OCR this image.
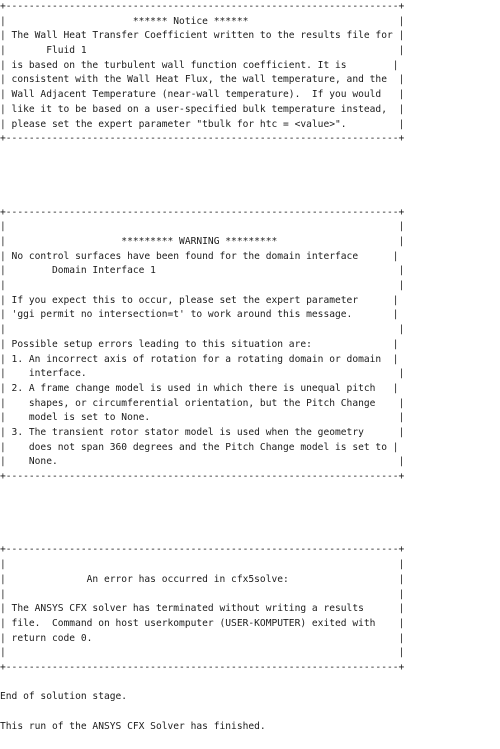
+--------------------------------------------------------------------+
|                      ****** Notice ******                          |
| The Wall Heat Transfer Coefficient written to the results file for |
|       Fluid 1                                                      |
| is based on the turbulent wall function coefficient. It is        |
| consistent with the Wall Heat Flux, the wall temperature, and the  |
| Wall Adjacent Temperature (near-wall temperature).  If you would   |
| like it to be based on a user-specified bulk temperature instead,  |
| please set the expert parameter "tbulk for htc = <value>".         |
+--------------------------------------------------------------------+
+--------------------------------------------------------------------+
|                                                                    |
|                    ********* WARNING *********                     |
| No control surfaces have been found for the domain interface      |
|        Domain Interface 1                                          |
|                                                                    |
| If you expect this to occur, please set the expert parameter      |
| 'ggi permit no intersection=t' to work around this message.       |
|                                                                    |
| Possible setup errors leading to this situation are:              |
| 1. An incorrect axis of rotation for a rotating domain or domain  |
|    interface.                                                      |
| 2. A frame change model is used in which there is unequal pitch   |
|    shapes, or circumferential orientation, but the Pitch Change    |
|    model is set to None.                                           |
| 3. The transient rotor stator model is used when the geometry      |
|    does not span 360 degrees and the Pitch Change model is set to |
|    None.                                                           |
+--------------------------------------------------------------------+
+--------------------------------------------------------------------+
|                                                                    |
|              An error has occurred in cfx5solve:                   |
|                                                                    |
| The ANSYS CFX solver has terminated without writing a results      |
| file.  Command on host userkomputer (USER-KOMPUTER) exited with    |
| return code 0.                                                     |
|                                                                    |
+--------------------------------------------------------------------+
End of solution stage.
This run of the ANSYS CFX Solver has finished.
